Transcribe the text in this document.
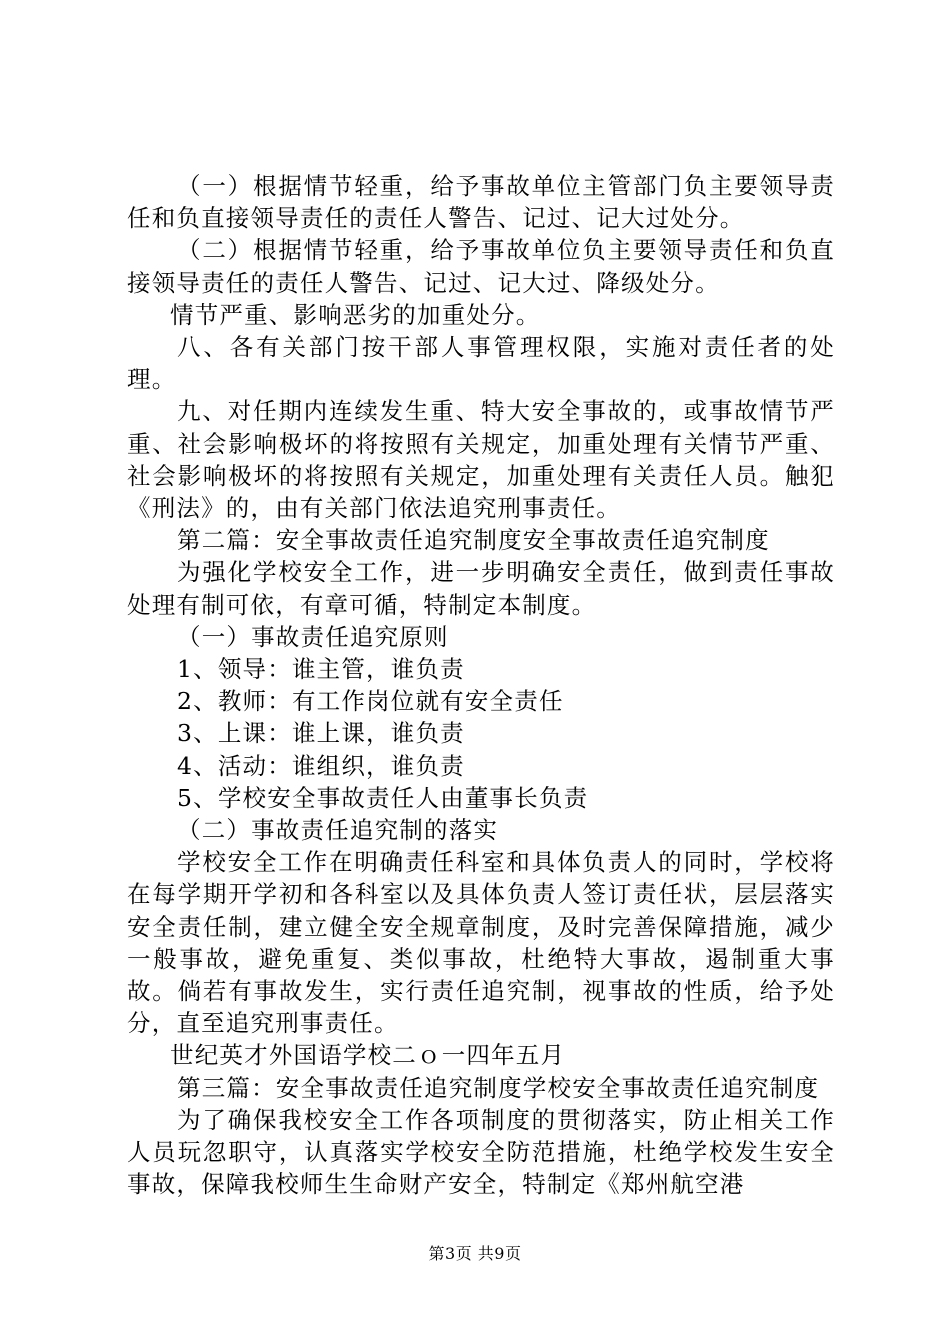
（一）根据情节轻重，给予事故单位主管部门负主要领导责任和负直接领导责任的责任人警告、记过、记大过处分。

（二）根据情节轻重，给予事故单位负主要领导责任和负直接领导责任的责任人警告、记过、记大过、降级处分。

情节严重、影响恶劣的加重处分。

八、各有关部门按干部人事管理权限，实施对责任者的处理。

九、对任期内连续发生重、特大安全事故的，或事故情节严重、社会影响极坏的将按照有关规定，加重处理有关情节严重、社会影响极坏的将按照有关规定，加重处理有关责任人员。触犯《刑法》的，由有关部门依法追究刑事责任。

第二篇：安全事故责任追究制度安全事故责任追究制度

为强化学校安全工作，进一步明确安全责任，做到责任事故处理有制可依，有章可循，特制定本制度。

（一）事故责任追究原则

1、领导：谁主管，谁负责

2、教师：有工作岗位就有安全责任

3、上课：谁上课，谁负责

4、活动：谁组织，谁负责

5、学校安全事故责任人由董事长负责

（二）事故责任追究制的落实

学校安全工作在明确责任科室和具体负责人的同时，学校将在每学期开学初和各科室以及具体负责人签订责任状，层层落实安全责任制，建立健全安全规章制度，及时完善保障措施，减少一般事故，避免重复、类似事故，杜绝特大事故，遏制重大事故。倘若有事故发生，实行责任追究制，视事故的性质，给予处分，直至追究刑事责任。

世纪英才外国语学校二ｏ一四年五月

第三篇：安全事故责任追究制度学校安全事故责任追究制度

为了确保我校安全工作各项制度的贯彻落实，防止相关工作人员玩忽职守，认真落实学校安全防范措施，杜绝学校发生安全事故，保障我校师生生命财产安全，特制定《郑州航空港

第3页 共9页
